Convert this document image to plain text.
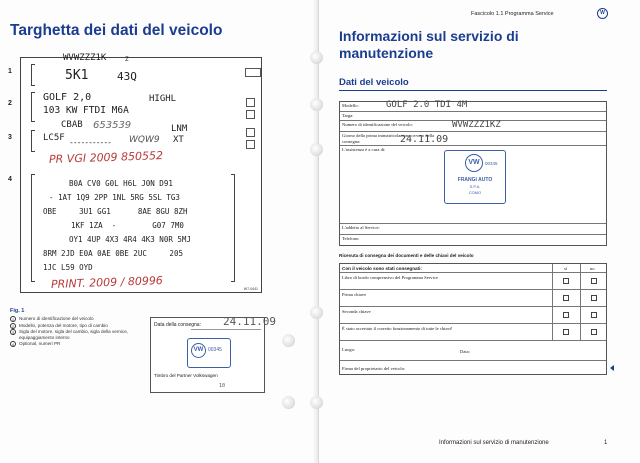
Targhetta dei dati del veicolo
1
2
3
4
WVWZZZ1K	Z
5K1	43Q
GOLF 2,0	HIGHL
103 KW FTDI M6A
CBAB 653539	LNM
LC5F ----------- WQW9 XT
PR VGI 2009 850552
B0A CV0 G0L H6L J0N D91
- 1AT 1Q9 2PP 1NL 5RG 5SL TG3
OBE     3U1 GG1      8AE 8GU 8ZH
1KF 1ZA  -        G07 7M0
OY1 4UP 4X3 4R4 4K3 N0R 5MJ
8RM 2JD E0A 0AE 0BE 2UC     205
1JC L59 OYD
PRINT. 2009 / 80996	W7-0441
Fig. 1
1	Numero di identificazione del veicolo
2	Modello, potenza del motore, tipo di cambio
3	Sigla del motore, sigla del cambio, sigla della vernice, equipaggiamento interno
4	Optional, numeri PR
Data della consegna: 24.11.09
VW 00345
Timbro del Partner Volkswagen
10
Fascicolo 1.1 Programma Service	W
Informazioni sul servizio di manutenzione
Dati del veicolo
Modello:	GOLF 2.0 TDI 4M
Targa:
Numero di identificazione del veicolo:	WVWZZZ1KZ
Giorno della prima immatricolazione ovvero della consegna:	24.11.09
L'assistenza è a cura di:
VW	00345
FRANGI AUTO
S.P.A.
COMO
L'addetto al Service:
Telefono:
Ricevuta di consegna dei documenti e delle chiavi del veicolo
Con il veicolo sono stati consegnati:	sì	no
Libro di bordo comprensivo del Programma Service
Prima chiave
Seconda chiave
È stato accertato il corretto funzionamento di tutte le chiavi!
Luogo:	Data:
Firma del proprietario del veicolo:
Informazioni sul servizio di manutenzione	1
